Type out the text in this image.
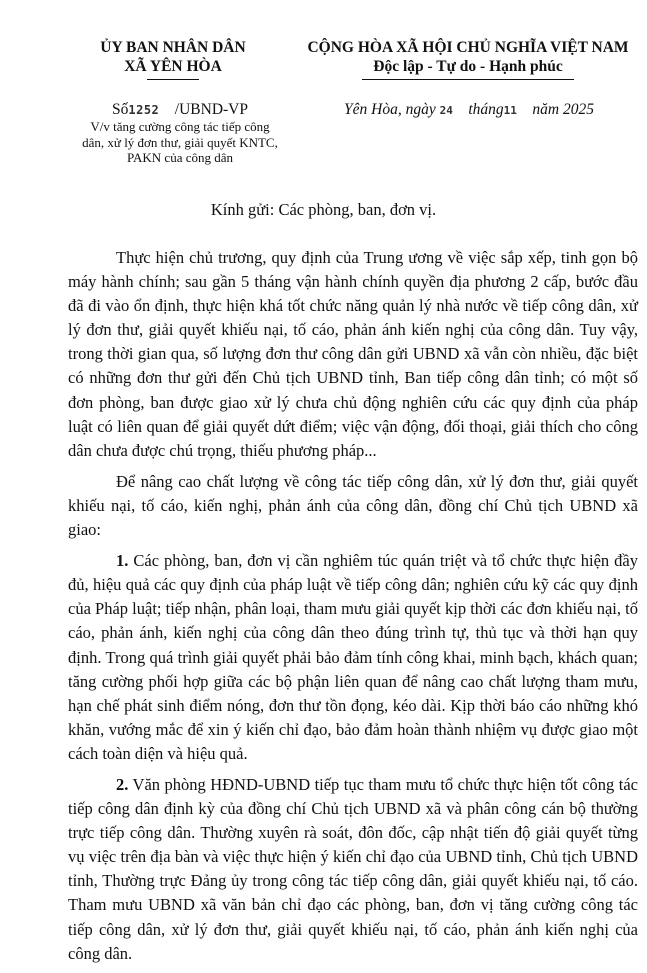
ỦY BAN NHÂN DÂN
XÃ YÊN HÒA
CỘNG HÒA XÃ HỘI CHỦ NGHĨA VIỆT NAM
Độc lập - Tự do - Hạnh phúc
Số1252 /UBND-VP
V/v tăng cường công tác tiếp công
dân, xử lý đơn thư, giải quyết KNTC,
PAKN của công dân
Yên Hòa, ngày 24 tháng11 năm 2025
Kính gửi: Các phòng, ban, đơn vị.

Thực hiện chủ trương, quy định của Trung ương về việc sắp xếp, tinh gọn bộ máy hành chính; sau gần 5 tháng vận hành chính quyền địa phương 2 cấp, bước đầu đã đi vào ổn định, thực hiện khá tốt chức năng quản lý nhà nước về tiếp công dân, xử lý đơn thư, giải quyết khiếu nại, tố cáo, phản ánh kiến nghị của công dân. Tuy vậy, trong thời gian qua, số lượng đơn thư công dân gửi UBND xã vẫn còn nhiều, đặc biệt có những đơn thư gửi đến Chủ tịch UBND tỉnh, Ban tiếp công dân tỉnh; có một số đơn phòng, ban được giao xử lý chưa chủ động nghiên cứu các quy định của pháp luật có liên quan để giải quyết dứt điểm; việc vận động, đối thoại, giải thích cho công dân chưa được chú trọng, thiếu phương pháp...

Để nâng cao chất lượng về công tác tiếp công dân, xử lý đơn thư, giải quyết khiếu nại, tố cáo, kiến nghị, phản ánh của công dân, đồng chí Chủ tịch UBND xã giao:

1. Các phòng, ban, đơn vị cần nghiêm túc quán triệt và tổ chức thực hiện đầy đủ, hiệu quả các quy định của pháp luật về tiếp công dân; nghiên cứu kỹ các quy định của Pháp luật; tiếp nhận, phân loại, tham mưu giải quyết kịp thời các đơn khiếu nại, tố cáo, phản ánh, kiến nghị của công dân theo đúng trình tự, thủ tục và thời hạn quy định. Trong quá trình giải quyết phải bảo đảm tính công khai, minh bạch, khách quan; tăng cường phối hợp giữa các bộ phận liên quan để nâng cao chất lượng tham mưu, hạn chế phát sinh điểm nóng, đơn thư tồn đọng, kéo dài. Kịp thời báo cáo những khó khăn, vướng mắc để xin ý kiến chỉ đạo, bảo đảm hoàn thành nhiệm vụ được giao một cách toàn diện và hiệu quả.

2. Văn phòng HĐND-UBND tiếp tục tham mưu tổ chức thực hiện tốt công tác tiếp công dân định kỳ của đồng chí Chủ tịch UBND xã và phân công cán bộ thường trực tiếp công dân. Thường xuyên rà soát, đôn đốc, cập nhật tiến độ giải quyết từng vụ việc trên địa bàn và việc thực hiện ý kiến chỉ đạo của UBND tỉnh, Chủ tịch UBND tỉnh, Thường trực Đảng ủy trong công tác tiếp công dân, giải quyết khiếu nại, tố cáo. Tham mưu UBND xã văn bản chỉ đạo các phòng, ban, đơn vị tăng cường công tác tiếp công dân, xử lý đơn thư, giải quyết khiếu nại, tố cáo, phản ánh kiến nghị của công dân.
